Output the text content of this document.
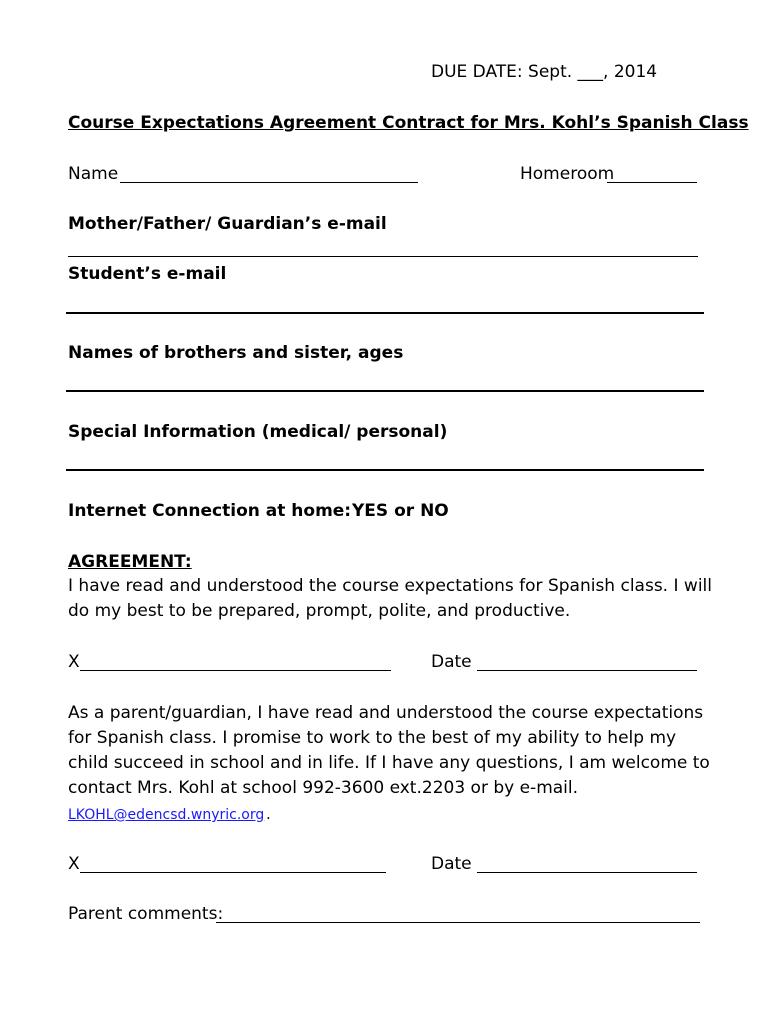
DUE DATE: Sept. ___, 2014
Course Expectations Agreement Contract for Mrs. Kohl’s Spanish Class
Name	Homeroom
Mother/Father/ Guardian’s e-mail
Student’s e-mail
Names of brothers and sister, ages
Special Information (medical/ personal)
Internet Connection at home: YES or NO
AGREEMENT:
I have read and understood the course expectations for Spanish class. I will
do my best to be prepared, prompt, polite, and productive.
X	Date
As a parent/guardian, I have read and understood the course expectations
for Spanish class. I promise to work to the best of my ability to help my
child succeed in school and in life. If I have any questions, I am welcome to
contact Mrs. Kohl at school 992-3600 ext.2203 or by e-mail.
LKOHL@edencsd.wnyric.org .
X	Date
Parent comments:
